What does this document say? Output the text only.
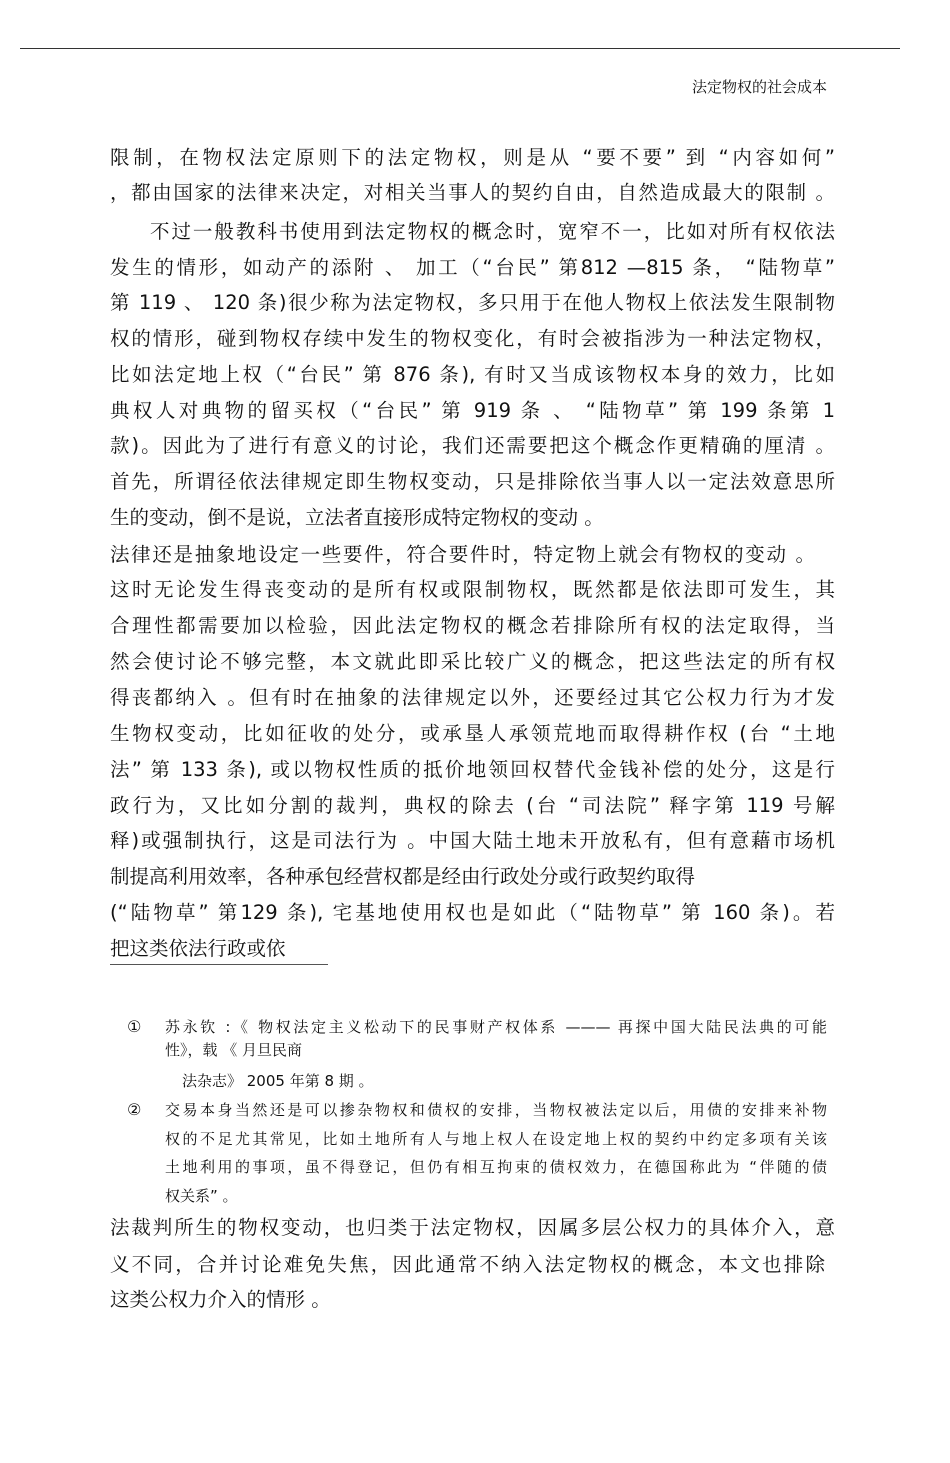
法定物权的社会成本
限制，在物权法定原则下的法定物权，则是从 “要不要” 到 “内容如何”
，都由国家的法律来决定，对相关当事人的契约自由，自然造成最大的限制 。
不过一般教科书使用到法定物权的概念时，宽窄不一，比如对所有权依法
发生的情形，如动产的添附 、 加工（“台民” 第812 —815 条， “陆物草”
第 119 、 120 条)很少称为法定物权，多只用于在他人物权上依法发生限制物
权的情形，碰到物权存续中发生的物权变化，有时会被指涉为一种法定物权，
比如法定地上权（“台民” 第 876 条), 有时又当成该物权本身的效力，比如
典权人对典物的留买权（“台民” 第 919 条 、 “陆物草” 第 199 条第 1
款)。因此为了进行有意义的讨论，我们还需要把这个概念作更精确的厘清 。
首先，所谓径依法律规定即生物权变动，只是排除依当事人以一定法效意思所
生的变动，倒不是说，立法者直接形成特定物权的变动 。
法律还是抽象地设定一些要件，符合要件时，特定物上就会有物权的变动 。
这时无论发生得丧变动的是所有权或限制物权，既然都是依法即可发生，其
合理性都需要加以检验，因此法定物权的概念若排除所有权的法定取得，当
然会使讨论不够完整，本文就此即采比较广义的概念，把这些法定的所有权
得丧都纳入 。但有时在抽象的法律规定以外，还要经过其它公权力行为才发
生物权变动，比如征收的处分，或承垦人承领荒地而取得耕作权 (台 “土地
法” 第 133 条), 或以物权性质的抵价地领回权替代金钱补偿的处分，这是行
政行为，又比如分割的裁判，典权的除去 (台 “司法院” 释字第 119 号解
释)或强制执行，这是司法行为 。中国大陆土地未开放私有，但有意藉市场机
制提高利用效率，各种承包经营权都是经由行政处分或行政契约取得
(“陆物草” 第129 条), 宅基地使用权也是如此（“陆物草” 第 160 条)。若
把这类依法行政或依
① 苏永钦 :《 物权法定主义松动下的民事财产权体系 ——— 再探中国大陆民法典的可能
性》，载 《 月旦民商
法杂志》 2005 年第 8 期 。
② 交易本身当然还是可以掺杂物权和债权的安排，当物权被法定以后，用债的安排来补物
权的不足尤其常见，比如土地所有人与地上权人在设定地上权的契约中约定多项有关该
土地利用的事项，虽不得登记，但仍有相互拘束的债权效力，在德国称此为 “伴随的债
权关系” 。
法裁判所生的物权变动，也归类于法定物权，因属多层公权力的具体介入，意
义不同，合并讨论难免失焦，因此通常不纳入法定物权的概念，本文也排除
这类公权力介入的情形 。
